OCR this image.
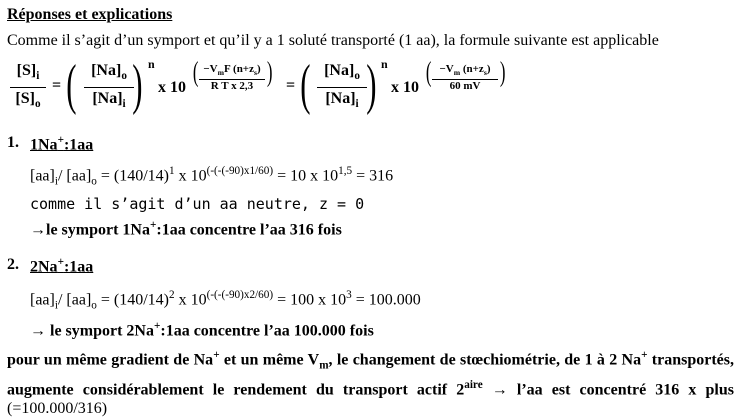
Réponses et explications
Comme il s’agit d’un symport et qu’il y a 1 soluté transporté (1 aa), la formule suivante est applicable
$[S]_i$
$[S]_o$
= ( $[Na]_o$
$[Na]_i$ ) n
x 10 ( $-V_mF$ $(n+z_s)$
R T x 2,3 ) = ( $[Na]_o$
$[Na]_i$ ) n
x 10 ( $-V_m$ $(n+z_s)$
60 mV )
1. 1Na+:1aa
$[aa]_i/$ $[aa]_o = (140/14)^1$ x $10^{(-(-(-90)x1/60)} = 10$ x $10^{1,5} = 316$
comme il s’agit d’un aa neutre, z = 0
→le symport 1Na+:1aa concentre l’aa 316 fois
2. 2Na+:1aa
$[aa]_i/$ $[aa]_o = (140/14)^2$ x $10^{(-(-(-90)x2/60)} = 100$ x $10^3 = 100.000$
→ le symport 2Na+:1aa concentre l’aa 100.000 fois
pour un même gradient de Na+ et un même $V_m$, le changement de stœchiométrie, de 1 à 2 Na+ transportés, augmente considérablement le rendement du transport actif $2^{aire}$ → l’aa est concentré 316 x plus (=100.000/316)
